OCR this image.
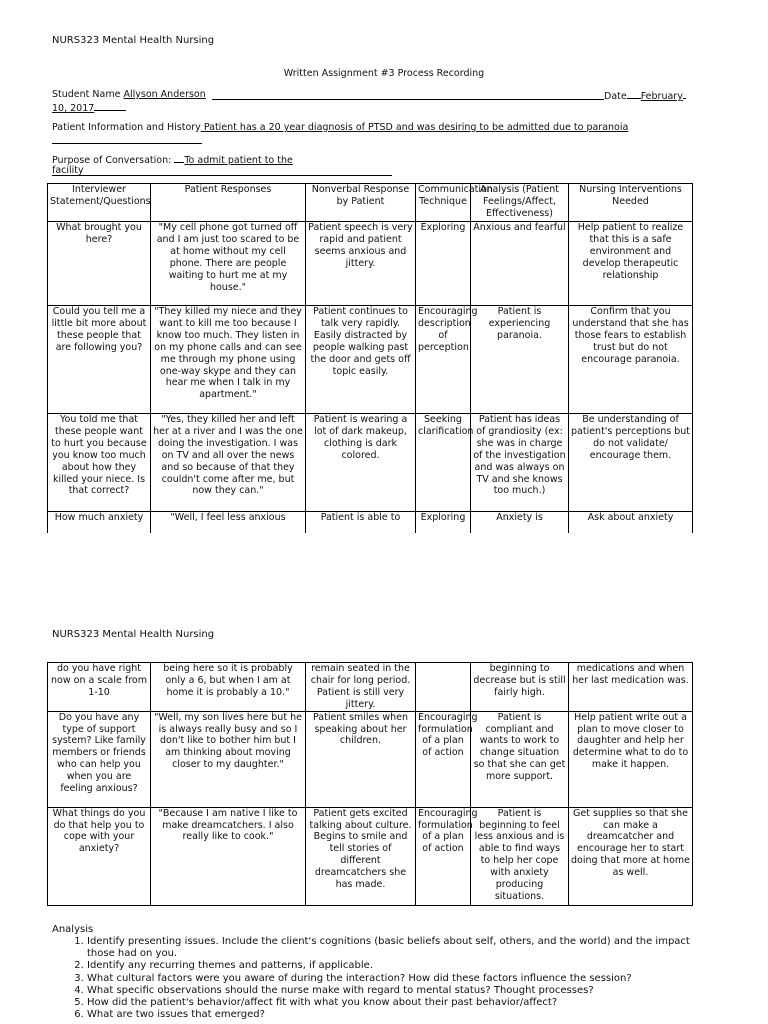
NURS323 Mental Health Nursing
Written Assignment #3 Process Recording
Student Name Allyson Anderson	Date February
10, 2017
Patient Information and History Patient has a 20 year diagnosis of PTSD and was desiring to be admitted due to paranoia
Purpose of Conversation: To admit patient to the
facility
Interviewer Statement/Questions	Patient Responses	Nonverbal Response by Patient	Communication Technique	Analysis (Patient Feelings/Affect, Effectiveness)	Nursing Interventions Needed
What brought you here?	"My cell phone got turned off and I am just too scared to be at home without my cell phone. There are people waiting to hurt me at my house."	Patient speech is very rapid and patient seems anxious and jittery.	Exploring	Anxious and fearful	Help patient to realize that this is a safe environment and develop therapeutic relationship
Could you tell me a little bit more about these people that are following you?	"They killed my niece and they want to kill me too because I know too much. They listen in on my phone calls and can see me through my phone using one-way skype and they can hear me when I talk in my apartment."	Patient continues to talk very rapidly. Easily distracted by people walking past the door and gets off topic easily.	Encouraging description of perception	Patient is experiencing paranoia.	Confirm that you understand that she has those fears to establish trust but do not encourage paranoia.
You told me that these people want to hurt you because you know too much about how they killed your niece. Is that correct?	"Yes, they killed her and left her at a river and I was the one doing the investigation. I was on TV and all over the news and so because of that they couldn't come after me, but now they can."	Patient is wearing a lot of dark makeup, clothing is dark colored.	Seeking clarification	Patient has ideas of grandiosity (ex: she was in charge of the investigation and was always on TV and she knows too much.)	Be understanding of patient's perceptions but do not validate/ encourage them.
How much anxiety	"Well, I feel less anxious	Patient is able to	Exploring	Anxiety is	Ask about anxiety
NURS323 Mental Health Nursing
do you have right now on a scale from 1-10	being here so it is probably only a 6, but when I am at home it is probably a 10."	remain seated in the chair for long period. Patient is still very jittery.		beginning to decrease but is still fairly high.	medications and when her last medication was.
Do you have any type of support system? Like family members or friends who can help you when you are feeling anxious?	"Well, my son lives here but he is always really busy and so I don't like to bother him but I am thinking about moving closer to my daughter."	Patient smiles when speaking about her children.	Encouraging formulation of a plan of action	Patient is compliant and wants to work to change situation so that she can get more support.	Help patient write out a plan to move closer to daughter and help her determine what to do to make it happen.
What things do you do that help you to cope with your anxiety?	"Because I am native I like to make dreamcatchers. I also really like to cook."	Patient gets excited talking about culture. Begins to smile and tell stories of different dreamcatchers she has made.	Encouraging formulation of a plan of action	Patient is beginning to feel less anxious and is able to find ways to help her cope with anxiety producing situations.	Get supplies so that she can make a dreamcatcher and encourage her to start doing that more at home as well.
Analysis
1. Identify presenting issues. Include the client's cognitions (basic beliefs about self, others, and the world) and the impact those had on you.
2. Identify any recurring themes and patterns, if applicable.
3. What cultural factors were you aware of during the interaction? How did these factors influence the session?
4. What specific observations should the nurse make with regard to mental status? Thought processes?
5. How did the patient's behavior/affect fit with what you know about their past behavior/affect?
6. What are two issues that emerged?
